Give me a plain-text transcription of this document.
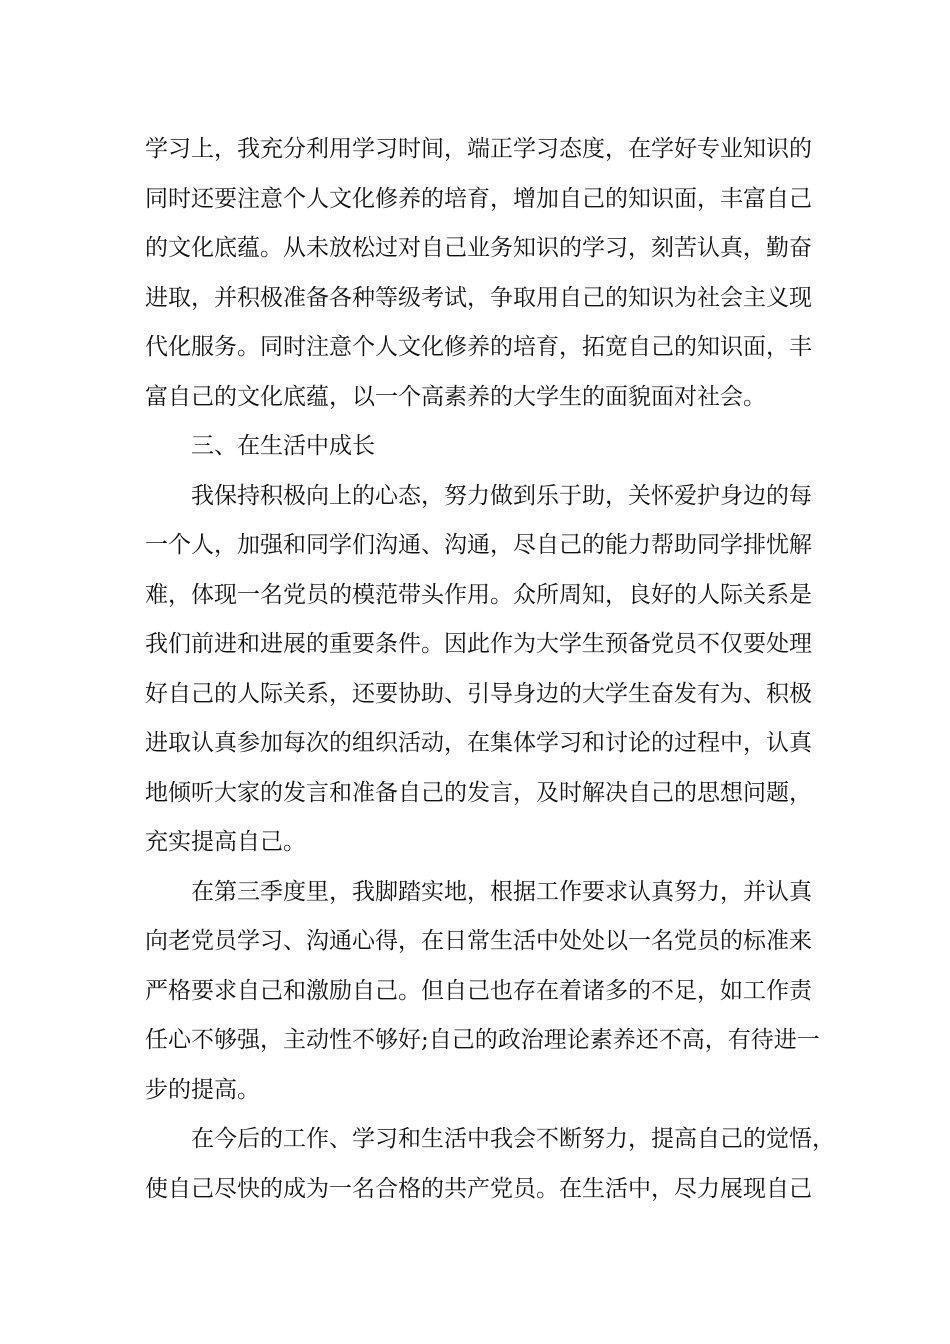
学习上，我充分利用学习时间，端正学习态度，在学好专业知识的
同时还要注意个人文化修养的培育，增加自己的知识面，丰富自己
的文化底蕴。从未放松过对自己业务知识的学习，刻苦认真，勤奋
进取，并积极准备各种等级考试，争取用自己的知识为社会主义现
代化服务。同时注意个人文化修养的培育，拓宽自己的知识面，丰
富自己的文化底蕴，以一个高素养的大学生的面貌面对社会。
三、在生活中成长
我保持积极向上的心态，努力做到乐于助，关怀爱护身边的每
一个人，加强和同学们沟通、沟通，尽自己的能力帮助同学排忧解
难，体现一名党员的模范带头作用。众所周知，良好的人际关系是
我们前进和进展的重要条件。因此作为大学生预备党员不仅要处理
好自己的人际关系，还要协助、引导身边的大学生奋发有为、积极
进取认真参加每次的组织活动，在集体学习和讨论的过程中，认真
地倾听大家的发言和准备自己的发言，及时解决自己的思想问题，
充实提高自己。
在第三季度里，我脚踏实地，根据工作要求认真努力，并认真
向老党员学习、沟通心得，在日常生活中处处以一名党员的标准来
严格要求自己和激励自己。但自己也存在着诸多的不足，如工作责
任心不够强，主动性不够好;自己的政治理论素养还不高，有待进一
步的提高。
在今后的工作、学习和生活中我会不断努力，提高自己的觉悟，
使自己尽快的成为一名合格的共产党员。在生活中，尽力展现自己
